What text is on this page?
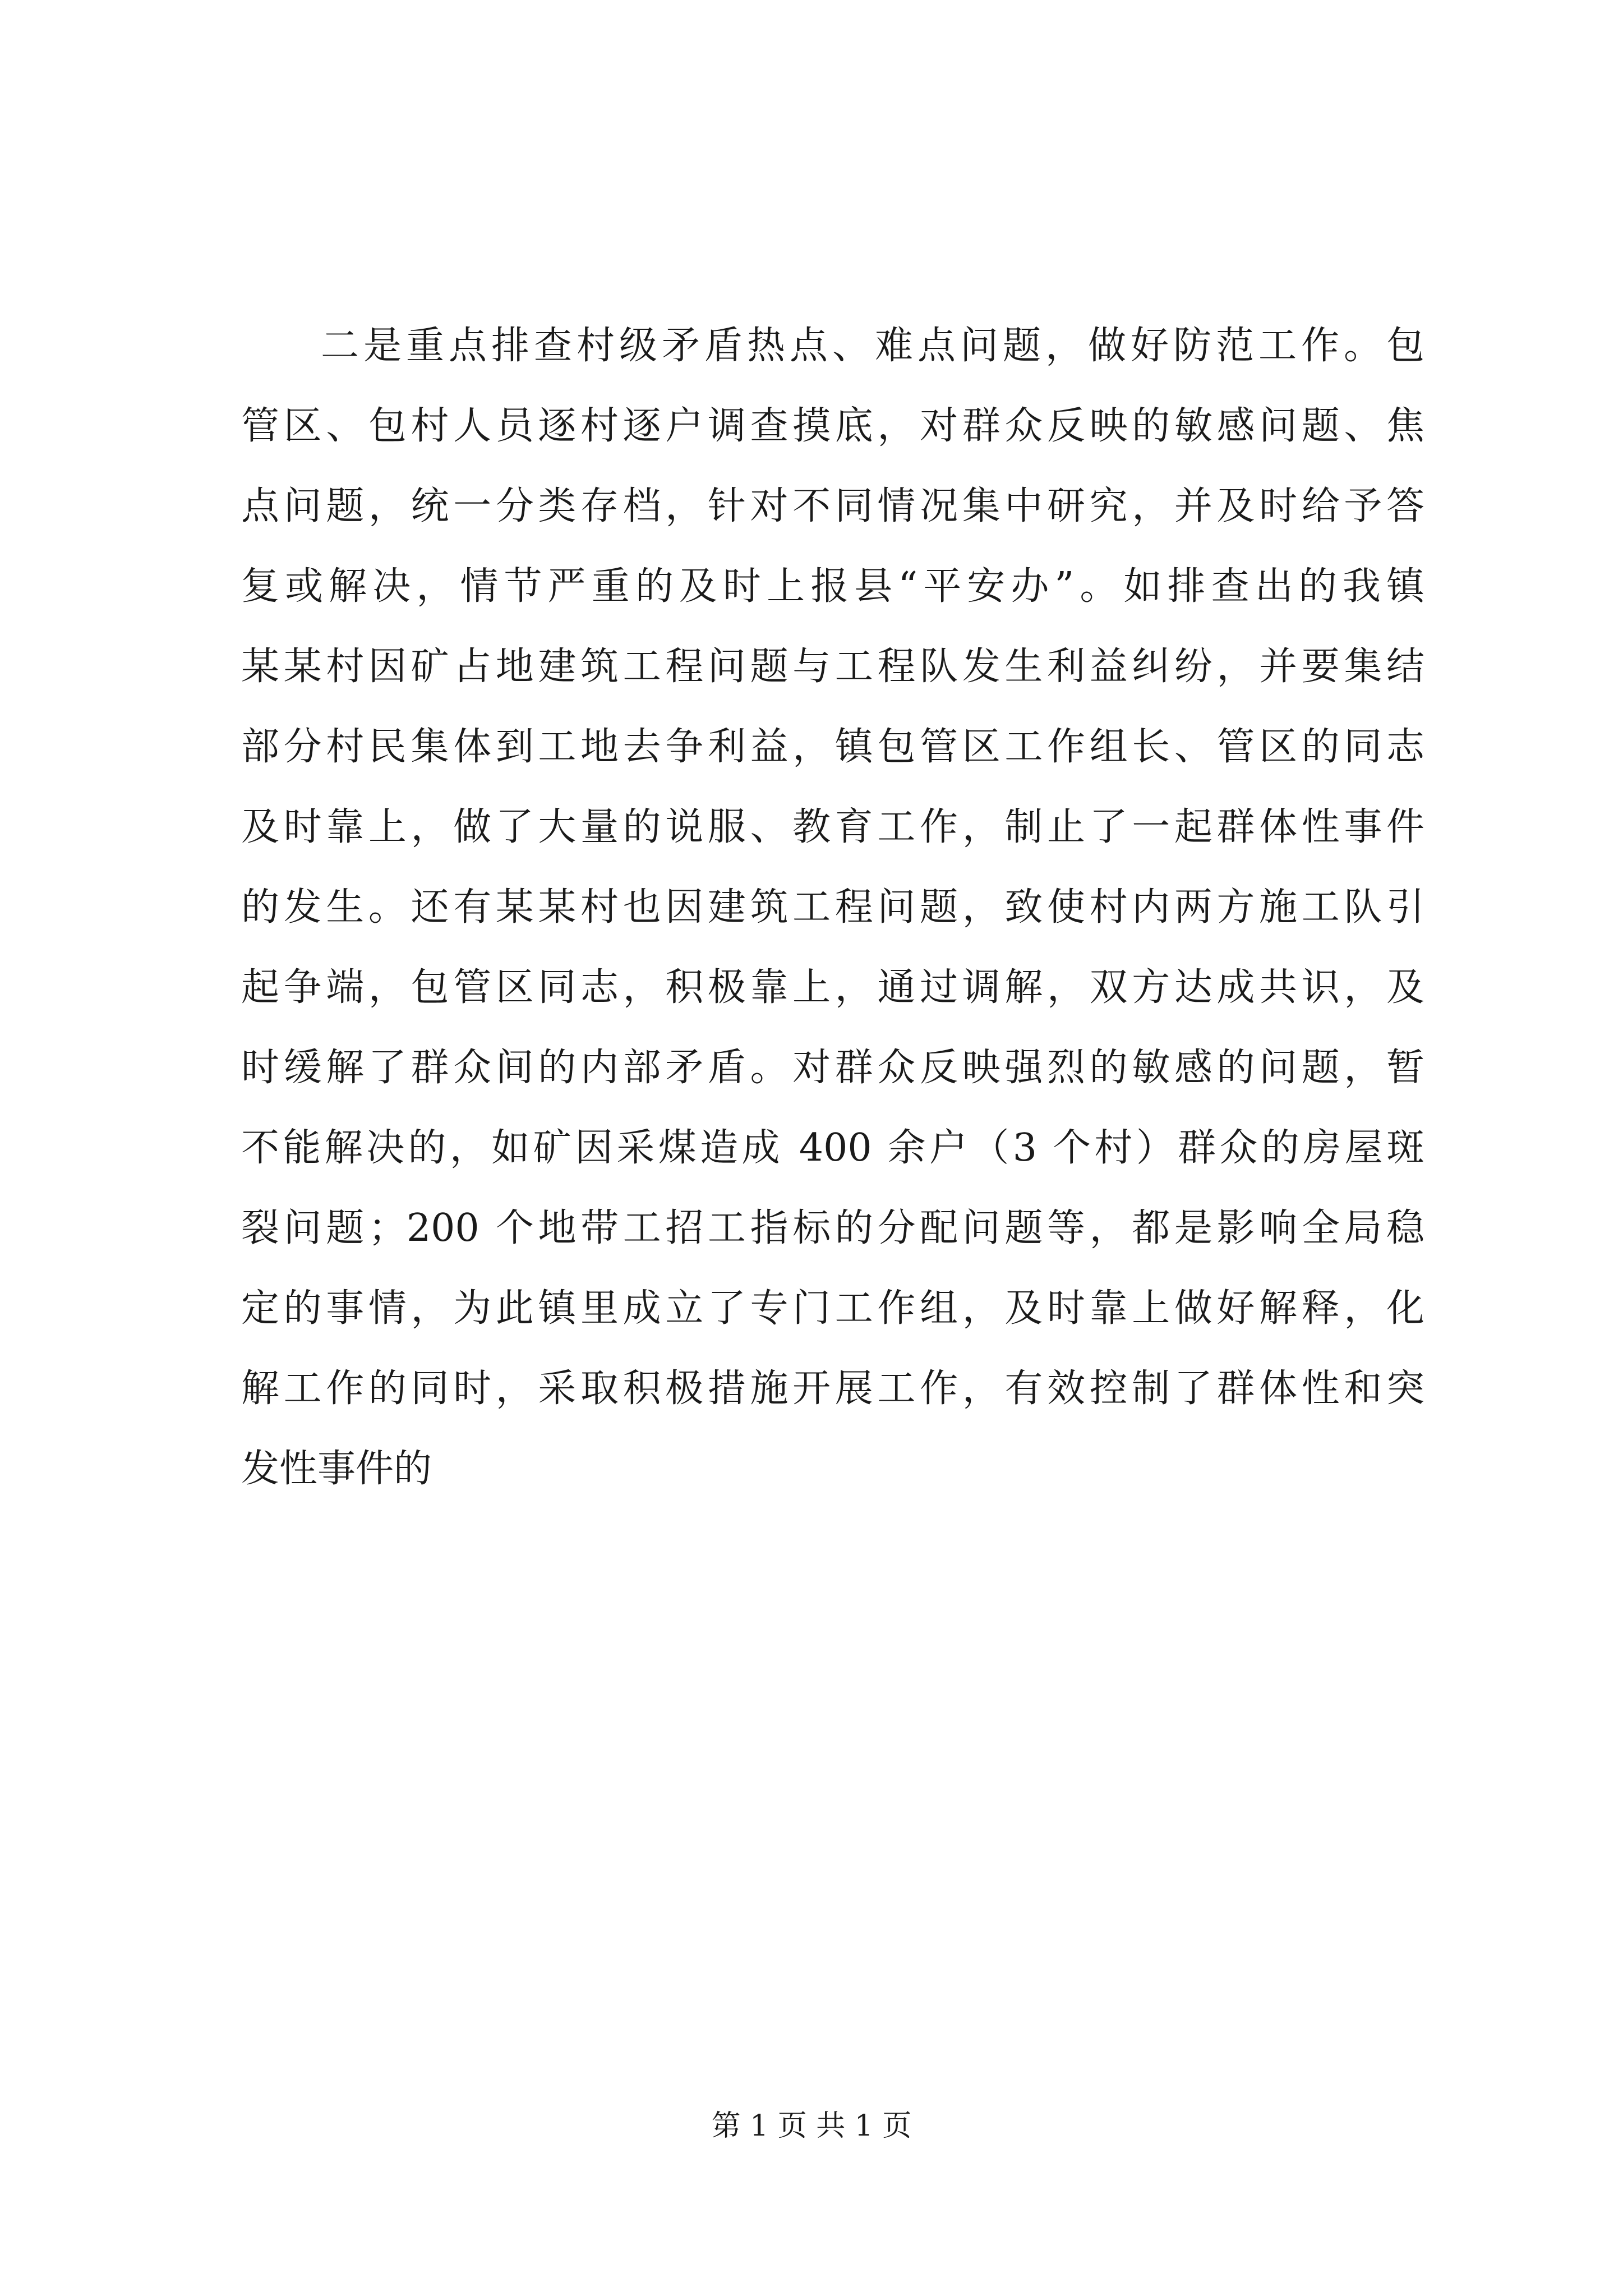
二是重点排查村级矛盾热点、难点问题，做好防范工作。包
管区、包村人员逐村逐户调查摸底，对群众反映的敏感问题、焦
点问题，统一分类存档，针对不同情况集中研究，并及时给予答
复或解决，情节严重的及时上报县“平安办”。如排查出的我镇
某某村因矿占地建筑工程问题与工程队发生利益纠纷，并要集结
部分村民集体到工地去争利益，镇包管区工作组长、管区的同志
及时靠上，做了大量的说服、教育工作，制止了一起群体性事件
的发生。还有某某村也因建筑工程问题，致使村内两方施工队引
起争端，包管区同志，积极靠上，通过调解，双方达成共识，及
时缓解了群众间的内部矛盾。对群众反映强烈的敏感的问题，暂
不能解决的，如矿因采煤造成 400 余户（3 个村）群众的房屋斑
裂问题；200 个地带工招工指标的分配问题等，都是影响全局稳
定的事情，为此镇里成立了专门工作组，及时靠上做好解释，化
解工作的同时，采取积极措施开展工作，有效控制了群体性和突
发性事件的
第 1 页 共 1 页
